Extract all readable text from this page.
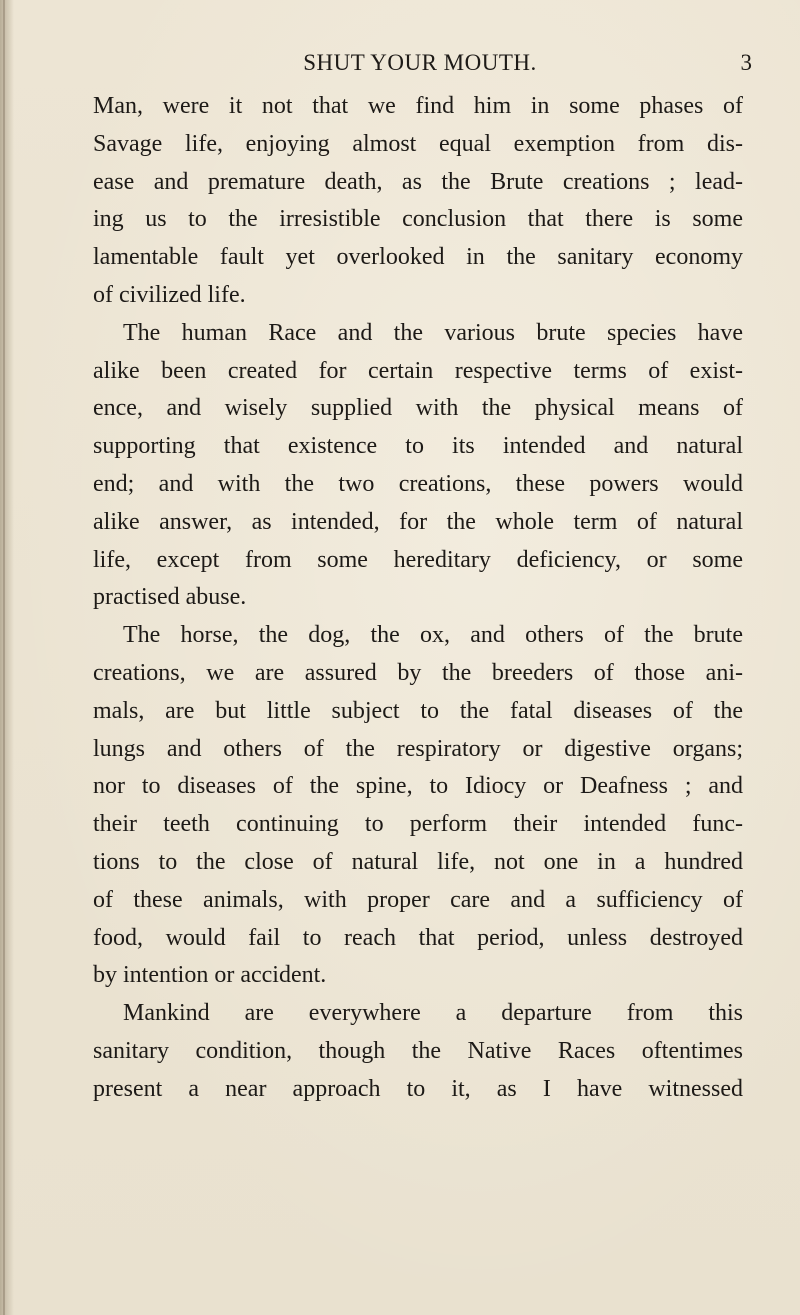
SHUT YOUR MOUTH.	3
Man, were it not that we find him in some phases of
Savage life, enjoying almost equal exemption from dis-
ease and premature death, as the Brute creations ; lead-
ing us to the irresistible conclusion that there is some
lamentable fault yet overlooked in the sanitary economy
of civilized life.
The human Race and the various brute species have
alike been created for certain respective terms of exist-
ence, and wisely supplied with the physical means of
supporting that existence to its intended and natural
end; and with the two creations, these powers would
alike answer, as intended, for the whole term of natural
life, except from some hereditary deficiency, or some
practised abuse.
The horse, the dog, the ox, and others of the brute
creations, we are assured by the breeders of those ani-
mals, are but little subject to the fatal diseases of the
lungs and others of the respiratory or digestive organs;
nor to diseases of the spine, to Idiocy or Deafness ; and
their teeth continuing to perform their intended func-
tions to the close of natural life, not one in a hundred
of these animals, with proper care and a sufficiency of
food, would fail to reach that period, unless destroyed
by intention or accident.
Mankind are everywhere a departure from this
sanitary condition, though the Native Races oftentimes
present a near approach to it, as I have witnessed
